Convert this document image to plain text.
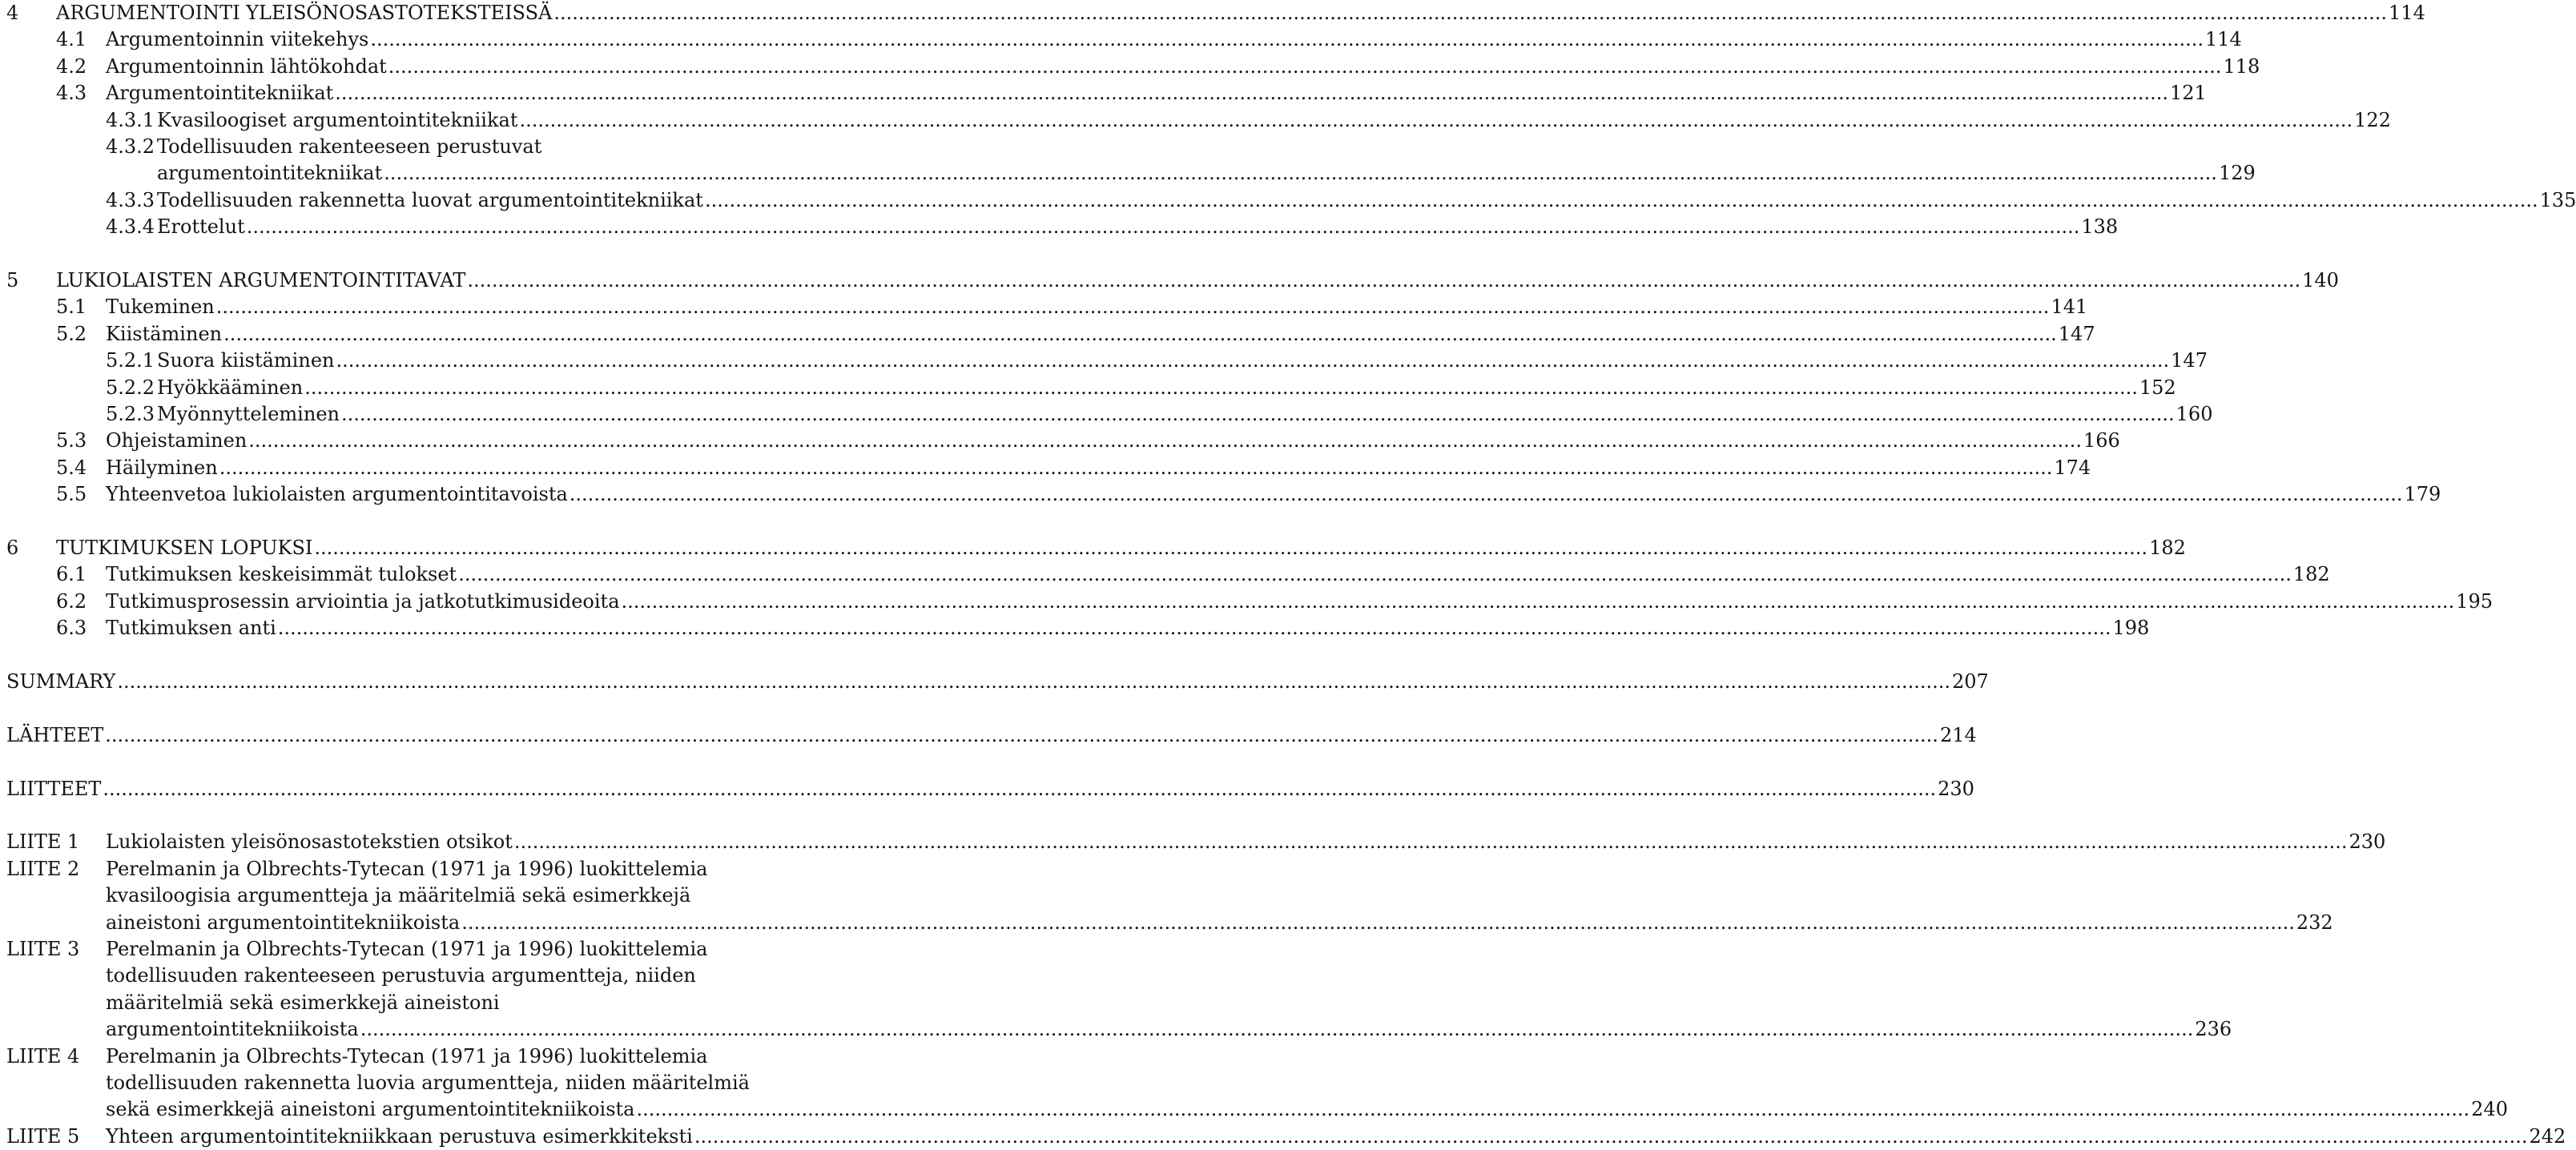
4 ARGUMENTOINTI YLEISÖNOSASTOTEKSTEISSÄ ............................................................................................................................................................................................................................................................................................................ 114
4.1 Argumentoinnin viitekehys ............................................................................................................................................................................................................................................................................................................ 114
4.2 Argumentoinnin lähtökohdat ............................................................................................................................................................................................................................................................................................................ 118
4.3 Argumentointitekniikat ............................................................................................................................................................................................................................................................................................................ 121
4.3.1 Kvasiloogiset argumentointitekniikat ............................................................................................................................................................................................................................................................................................................ 122
4.3.2 Todellisuuden rakenteeseen perustuvat
argumentointitekniikat ............................................................................................................................................................................................................................................................................................................ 129
4.3.3 Todellisuuden rakennetta luovat argumentointitekniikat ............................................................................................................................................................................................................................................................................................................ 135
4.3.4 Erottelut ............................................................................................................................................................................................................................................................................................................ 138
5 LUKIOLAISTEN ARGUMENTOINTITAVAT ............................................................................................................................................................................................................................................................................................................ 140
5.1 Tukeminen ............................................................................................................................................................................................................................................................................................................ 141
5.2 Kiistäminen ............................................................................................................................................................................................................................................................................................................ 147
5.2.1 Suora kiistäminen ............................................................................................................................................................................................................................................................................................................ 147
5.2.2 Hyökkääminen ............................................................................................................................................................................................................................................................................................................ 152
5.2.3 Myönnytteleminen ............................................................................................................................................................................................................................................................................................................ 160
5.3 Ohjeistaminen ............................................................................................................................................................................................................................................................................................................ 166
5.4 Häilyminen ............................................................................................................................................................................................................................................................................................................ 174
5.5 Yhteenvetoa lukiolaisten argumentointitavoista ............................................................................................................................................................................................................................................................................................................ 179
6 TUTKIMUKSEN LOPUKSI ............................................................................................................................................................................................................................................................................................................ 182
6.1 Tutkimuksen keskeisimmät tulokset ............................................................................................................................................................................................................................................................................................................ 182
6.2 Tutkimusprosessin arviointia ja jatkotutkimusideoita ............................................................................................................................................................................................................................................................................................................ 195
6.3 Tutkimuksen anti ............................................................................................................................................................................................................................................................................................................ 198
SUMMARY ............................................................................................................................................................................................................................................................................................................ 207
LÄHTEET ............................................................................................................................................................................................................................................................................................................ 214
LIITTEET ............................................................................................................................................................................................................................................................................................................ 230
LIITE 1 Lukiolaisten yleisönosastotekstien otsikot ............................................................................................................................................................................................................................................................................................................ 230
LIITE 2 Perelmanin ja Olbrechts-Tytecan (1971 ja 1996) luokittelemia
kvasiloogisia argumentteja ja määritelmiä sekä esimerkkejä
aineistoni argumentointitekniikoista ............................................................................................................................................................................................................................................................................................................ 232
LIITE 3 Perelmanin ja Olbrechts-Tytecan (1971 ja 1996) luokittelemia
todellisuuden rakenteeseen perustuvia argumentteja, niiden
määritelmiä sekä esimerkkejä aineistoni
argumentointitekniikoista ............................................................................................................................................................................................................................................................................................................ 236
LIITE 4 Perelmanin ja Olbrechts-Tytecan (1971 ja 1996) luokittelemia
todellisuuden rakennetta luovia argumentteja, niiden määritelmiä
sekä esimerkkejä aineistoni argumentointitekniikoista ............................................................................................................................................................................................................................................................................................................ 240
LIITE 5 Yhteen argumentointitekniikkaan perustuva esimerkkiteksti ............................................................................................................................................................................................................................................................................................................ 242
